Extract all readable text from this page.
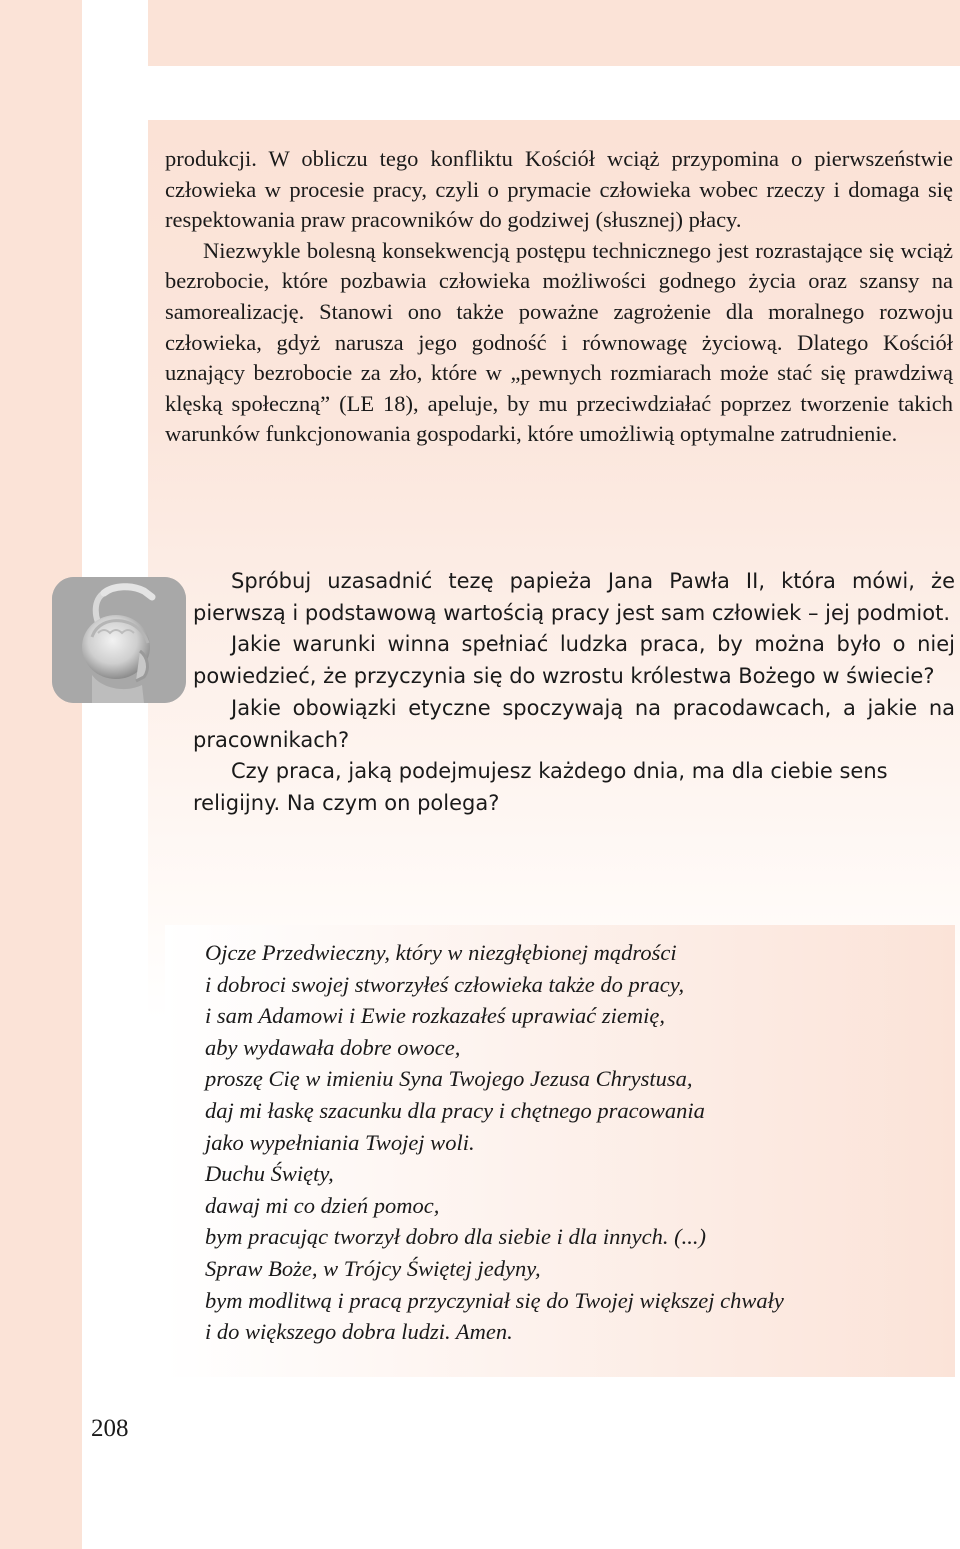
produkcji. W obliczu tego konfliktu Kościół wciąż przypomina o pierwszeństwie człowieka w procesie pracy, czyli o prymacie człowieka wobec rzeczy i domaga się respektowania praw pracowników do godziwej (słusznej) płacy.

Niezwykle bolesną konsekwencją postępu technicznego jest rozrastające się wciąż bezrobocie, które pozbawia człowieka możliwości godnego życia oraz szansy na samorealizację. Stanowi ono także poważne zagrożenie dla moralnego rozwoju człowieka, gdyż narusza jego godność i równowagę życiową. Dlatego Kościół uznający bezrobocie za zło, które w „pewnych rozmiarach może stać się prawdziwą klęską społeczną” (LE 18), apeluje, by mu przeciwdziałać poprzez tworzenie takich warunków funkcjonowania gospodarki, które umożliwią optymalne zatrudnienie.

Spróbuj uzasadnić tezę papieża Jana Pawła II, która mówi, że pierwszą i podstawową wartością pracy jest sam człowiek – jej podmiot.

Jakie warunki winna spełniać ludzka praca, by można było o niej powiedzieć, że przyczynia się do wzrostu królestwa Bożego w świecie?

Jakie obowiązki etyczne spoczywają na pracodawcach, a jakie na pracownikach?

Czy praca, jaką podejmujesz każdego dnia, ma dla ciebie sens religijny. Na czym on polega?

Ojcze Przedwieczny, który w niezgłębionej mądrości
i dobroci swojej stworzyłeś człowieka także do pracy,
i sam Adamowi i Ewie rozkazałeś uprawiać ziemię,
aby wydawała dobre owoce,
proszę Cię w imieniu Syna Twojego Jezusa Chrystusa,
daj mi łaskę szacunku dla pracy i chętnego pracowania
jako wypełniania Twojej woli.
Duchu Święty,
dawaj mi co dzień pomoc,
bym pracując tworzył dobro dla siebie i dla innych. (...)
Spraw Boże, w Trójcy Świętej jedyny,
bym modlitwą i pracą przyczyniał się do Twojej większej chwały
i do większego dobra ludzi. Amen.
208
